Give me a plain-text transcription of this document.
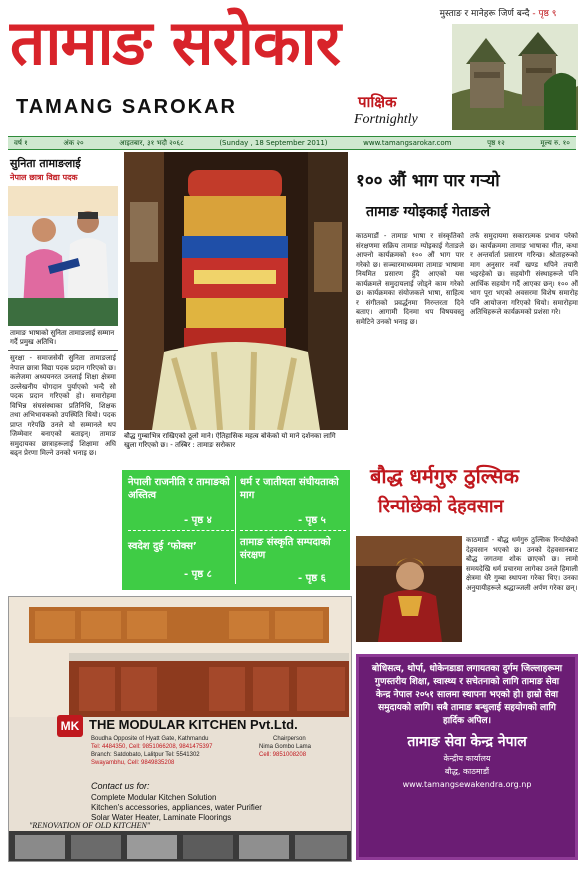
तामाङ सरोकार
TAMANG SAROKAR	पाक्षिक
Fortnightly
मुस्ताङ र मानेहरू जिर्ण बन्दै - पृष्ठ ९
वर्ष १	अंक २०	आइतबार, ३१ भदौ २०६८	(Sunday , 18 September 2011)	www.tamangsarokar.com	पृष्ठ १२	मूल्य रु. १०
सुनिता तामाङलाई
नेपाल छात्रा विद्या पदक
तामाङ भाषाको सुनिता तामाङलाई सम्मान गर्दै प्रमुख अतिथि।
सुरक्षा - समाजसेवी सुनिता तामाङलाई नेपाल छात्रा विद्या पदक प्रदान गरिएको छ। कलेजमा अध्ययनरत उनलाई शिक्षा क्षेत्रमा उल्लेखनीय योगदान पुर्याएको भन्दै सो पदक प्रदान गरिएको हो। समारोहमा विभिन्न संघसंस्थाका प्रतिनिधि, शिक्षक तथा अभिभावकको उपस्थिति थियो। पदक प्राप्त गरेपछि उनले यो सम्मानले थप जिम्मेवार बनाएको बताइन्। तामाङ समुदायका छात्राहरूलाई शिक्षामा अघि बढ्न प्रेरणा मिल्ने उनको भनाइ छ।
बौद्ध गुम्बाभित्र राखिएको ठूलो माने। ऐतिहासिक महत्व बोकेको यो माने दर्शनका लागि खुला गरिएको छ। - तस्बिर : तामाङ सरोकार
नेपाली राजनीति र तामाङको अस्तित्व
- पृष्ठ ४
स्वदेश दुई ‘फोक्स’
- पृष्ठ ८
धर्म र जातीयता संघीयताको माग
- पृष्ठ ५
तामाङ संस्कृति सम्पदाको संरक्षण
- पृष्ठ ६
१०० औं भाग पार गऱ्यो
तामाङ ग्योइकाई गेताङले
काठमाडौं - तामाङ भाषा र संस्कृतिको संरक्षणमा सक्रिय तामाङ ग्योइकाई गेताङले आफ्नो कार्यक्रमको १०० औं भाग पार गरेको छ। सञ्चारमाध्यममा तामाङ भाषामा नियमित प्रसारण हुँदै आएको यस कार्यक्रमले समुदायलाई जोड्ने काम गरेको छ। कार्यक्रमका संयोजकले भाषा, साहित्य र संगीतको प्रवर्द्धनमा निरन्तरता दिने बताए। आगामी दिनमा थप विषयवस्तु समेटिने उनको भनाइ छ।
तर्फ समुदायमा सकारात्मक प्रभाव परेको छ। कार्यक्रममा तामाङ भाषाका गीत, कथा र अन्तर्वार्ता प्रसारण गरिन्छ। श्रोताहरूको माग अनुसार नयाँ खण्ड थपिने तयारी भइरहेको छ। सहयोगी संस्थाहरूले पनि आर्थिक सहयोग गर्दै आएका छन्। १०० औं भाग पूरा भएको अवसरमा विशेष समारोह पनि आयोजना गरिएको थियो। समारोहमा अतिथिहरूले कार्यक्रमको प्रशंसा गरे।
बौद्ध धर्मगुरु ठुल्सिक
रिन्पोछेको देहवसान
काठमाडौं - बौद्ध धर्मगुरु ठुल्सिक रिन्पोछेको देहवसान भएको छ। उनको देहवसानबाट बौद्ध जगतमा शोक छाएको छ। लामो समयदेखि धर्म प्रचारमा लागेका उनले हिमाली क्षेत्रमा धेरै गुम्बा स्थापना गरेका थिए। उनका अनुयायीहरूले श्रद्धाञ्जली अर्पण गरेका छन्।
बोधिसत्व, थोर्पा, धोकेनडाडा लगायतका दुर्गम जिल्लाहरूमा गुणस्तरीय शिक्षा, स्वास्थ्य र सचेतनाको लागि तामाङ सेवा केन्द्र नेपाल २०५१ सालमा स्थापना भएको हो। हाम्रो सेवा समुदायको लागि। सबै तामाङ बन्धुलाई सहयोगको लागि हार्दिक अपिल।
तामाङ सेवा केन्द्र नेपाल
केन्द्रीय कार्यालय
बौद्ध, काठमाडौं
www.tamangsewakendra.org.np
MK THE MODULAR KITCHEN Pvt.Ltd.
Boudha Opposite of Hyatt Gate, Kathmandu
Tel: 4484350, Cell: 9851066208, 9841475397
Branch: Satdobato, Lalitpur Tel: 5541302
Swayambhu, Cell: 9849835208
Chairperson
Nima Gombo Lama
Cell: 9851008208
Contact us for:
Complete Modular Kitchen Solution
Kitchen's accessories, appliances, water Purifier
Solar Water Heater, Laminate Floorings
"RENOVATION OF OLD KITCHEN"
